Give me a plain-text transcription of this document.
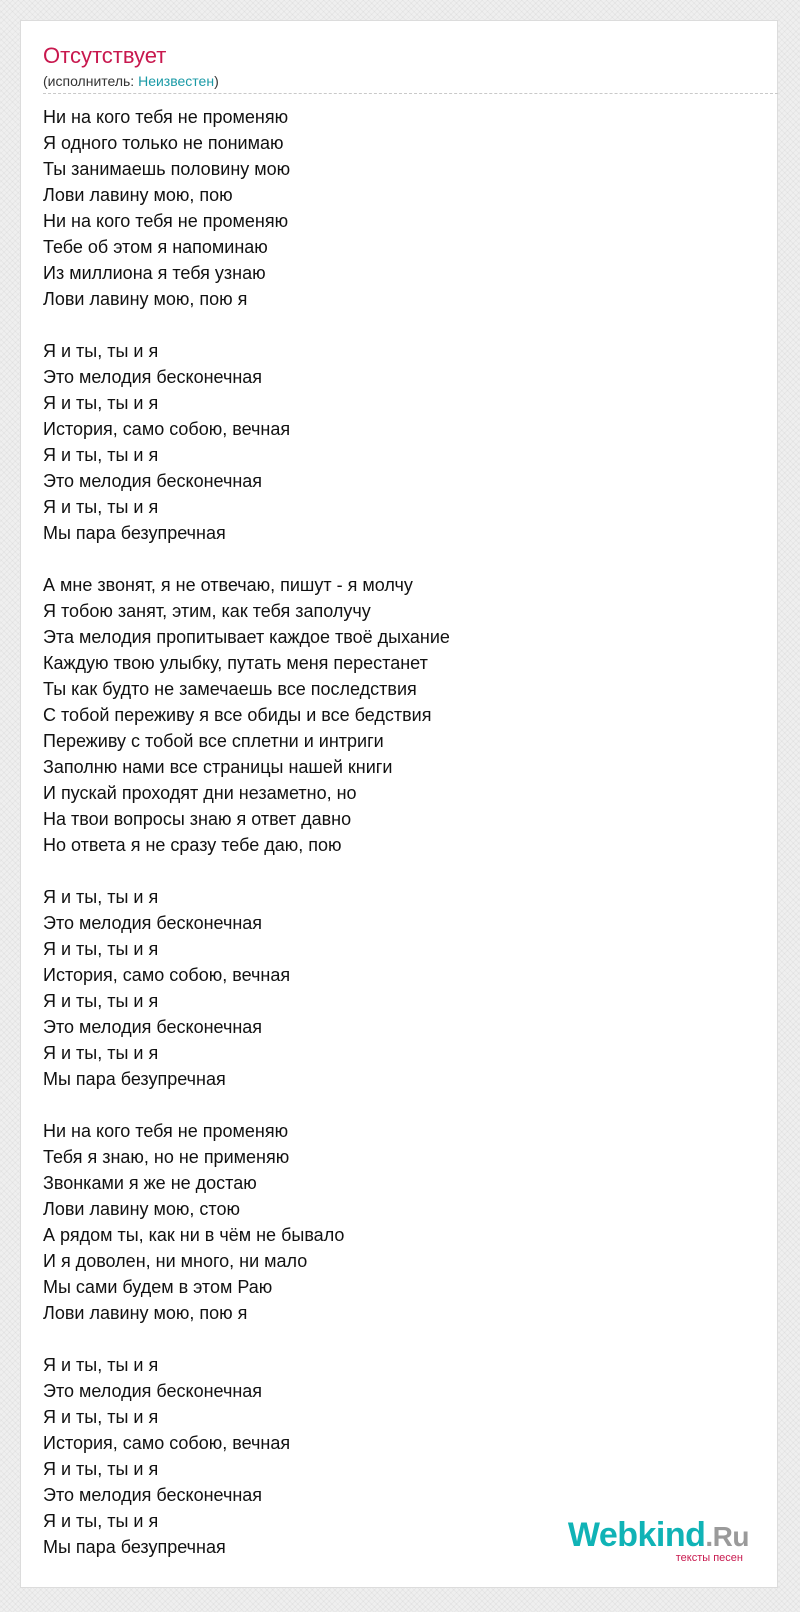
Отсутствует
(исполнитель: Неизвестен)
Ни на кого тебя не променяю
Я одного только не понимаю
Ты занимаешь половину мою
Лови лавину мою, пою
Ни на кого тебя не променяю
Тебе об этом я напоминаю
Из миллиона я тебя узнаю
Лови лавину мою, пою я
Я и ты, ты и я
Это мелодия бесконечная
Я и ты, ты и я
История, само собою, вечная
Я и ты, ты и я
Это мелодия бесконечная
Я и ты, ты и я
Мы пара безупречная
А мне звонят, я не отвечаю, пишут - я молчу
Я тобою занят, этим, как тебя заполучу
Эта мелодия пропитывает каждое твоё дыхание
Каждую твою улыбку, путать меня перестанет
Ты как будто не замечаешь все последствия
С тобой переживу я все обиды и все бедствия
Переживу с тобой все сплетни и интриги
Заполню нами все страницы нашей книги
И пускай проходят дни незаметно, но
На твои вопросы знаю я ответ давно
Но ответа я не сразу тебе даю, пою
Я и ты, ты и я
Это мелодия бесконечная
Я и ты, ты и я
История, само собою, вечная
Я и ты, ты и я
Это мелодия бесконечная
Я и ты, ты и я
Мы пара безупречная
Ни на кого тебя не променяю
Тебя я знаю, но не применяю
Звонками я же не достаю
Лови лавину мою, стою
А рядом ты, как ни в чём не бывало
И я доволен, ни много, ни мало
Мы сами будем в этом Раю
Лови лавину мою, пою я
Я и ты, ты и я
Это мелодия бесконечная
Я и ты, ты и я
История, само собою, вечная
Я и ты, ты и я
Это мелодия бесконечная
Я и ты, ты и я
Мы пара безупречная	Webkind.Ru
тексты песен
